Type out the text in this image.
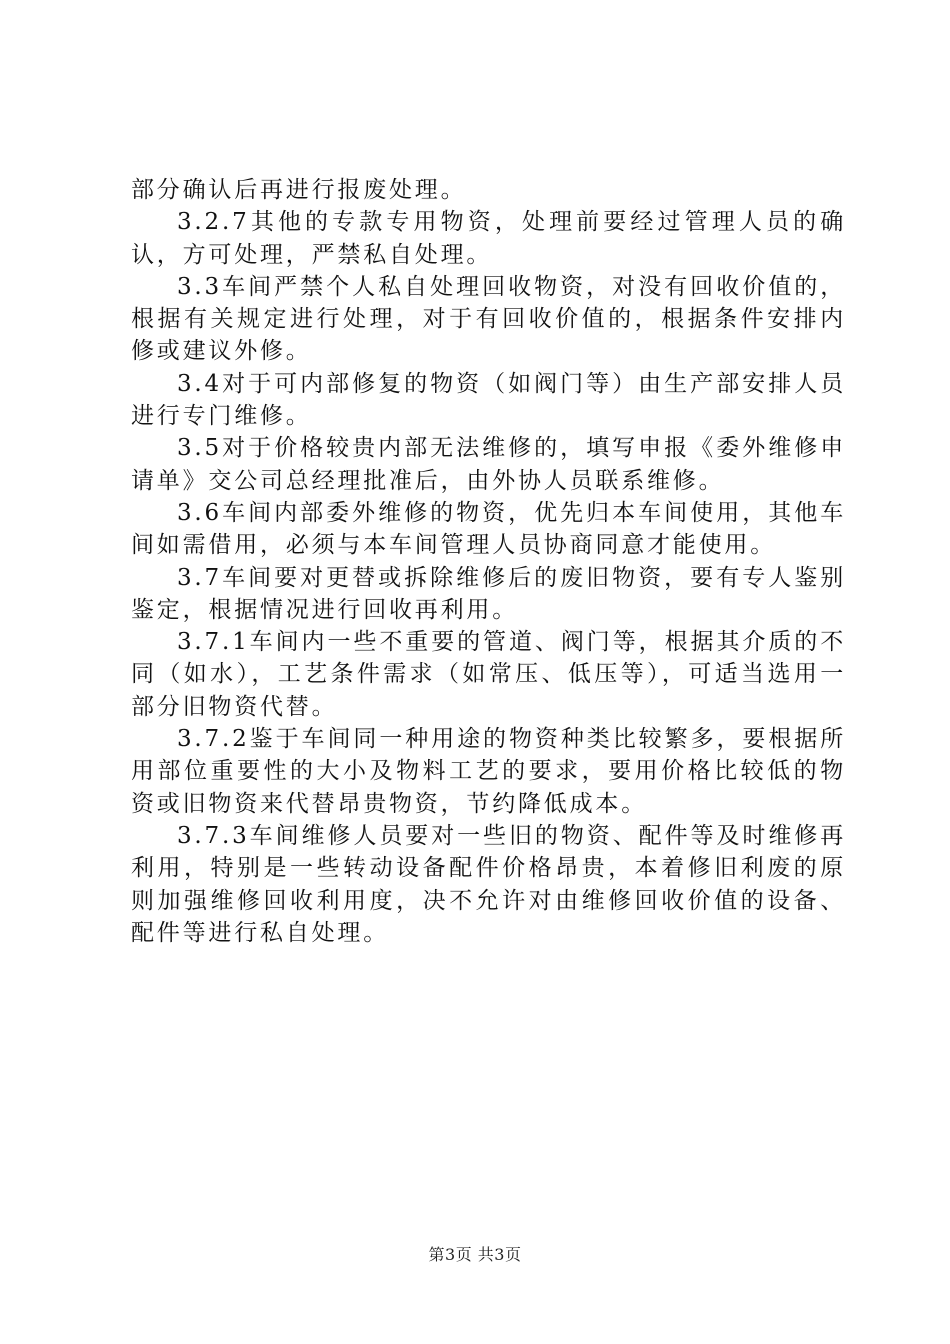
部分确认后再进行报废处理。

3.2.7其他的专款专用物资，处理前要经过管理人员的确认，方可处理，严禁私自处理。

3.3车间严禁个人私自处理回收物资，对没有回收价值的，根据有关规定进行处理，对于有回收价值的，根据条件安排内修或建议外修。

3.4对于可内部修复的物资（如阀门等）由生产部安排人员进行专门维修。

3.5对于价格较贵内部无法维修的，填写申报《委外维修申请单》交公司总经理批准后，由外协人员联系维修。

3.6车间内部委外维修的物资，优先归本车间使用，其他车间如需借用，必须与本车间管理人员协商同意才能使用。

3.7车间要对更替或拆除维修后的废旧物资，要有专人鉴别鉴定，根据情况进行回收再利用。

3.7.1车间内一些不重要的管道、阀门等，根据其介质的不同（如水），工艺条件需求（如常压、低压等），可适当选用一部分旧物资代替。

3.7.2鉴于车间同一种用途的物资种类比较繁多，要根据所用部位重要性的大小及物料工艺的要求，要用价格比较低的物资或旧物资来代替昂贵物资，节约降低成本。

3.7.3车间维修人员要对一些旧的物资、配件等及时维修再利用，特别是一些转动设备配件价格昂贵，本着修旧利废的原则加强维修回收利用度，决不允许对由维修回收价值的设备、配件等进行私自处理。

第3页 共3页
